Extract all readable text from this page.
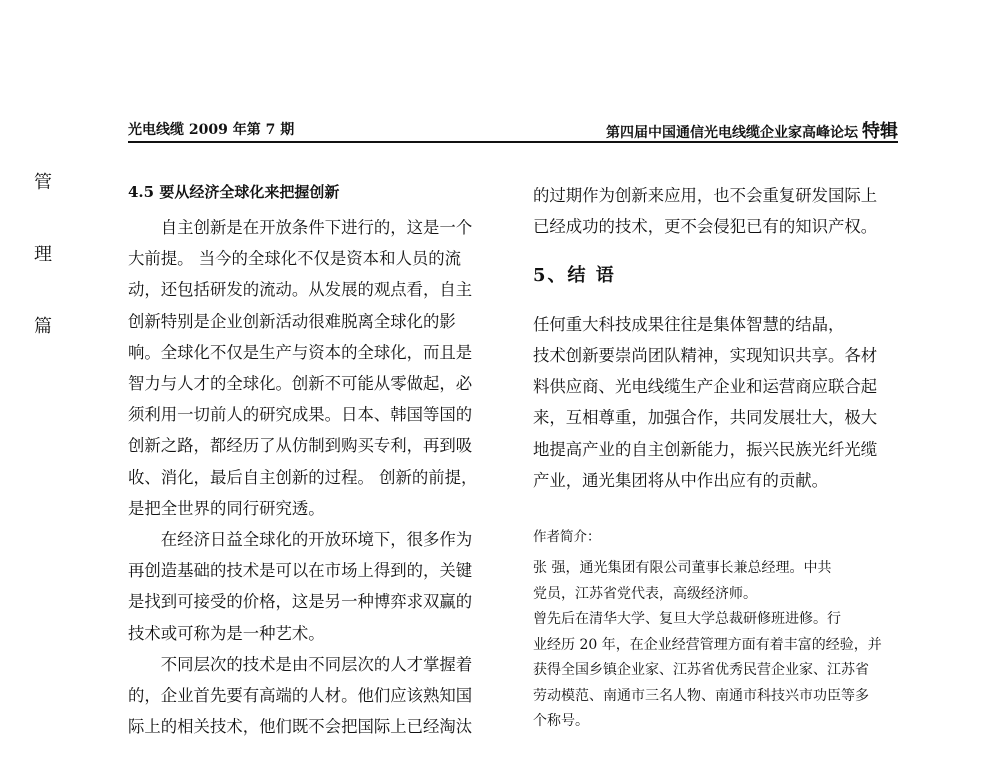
光电线缆 2009 年第 7 期	第四届中国通信光电线缆企业家高峰论坛 特辑
管
理
篇
4.5 要从经济全球化来把握创新

自主创新是在开放条件下进行的，这是一个
大前提。 当今的全球化不仅是资本和人员的流
动，还包括研发的流动。从发展的观点看，自主
创新特别是企业创新活动很难脱离全球化的影
响。全球化不仅是生产与资本的全球化，而且是
智力与人才的全球化。创新不可能从零做起，必
须利用一切前人的研究成果。日本、韩国等国的
创新之路，都经历了从仿制到购买专利，再到吸
收、消化，最后自主创新的过程。 创新的前提，
是把全世界的同行研究透。

在经济日益全球化的开放环境下，很多作为
再创造基础的技术是可以在市场上得到的，关键
是找到可接受的价格，这是另一种博弈求双赢的
技术或可称为是一种艺术。

不同层次的技术是由不同层次的人才掌握着
的，企业首先要有高端的人材。他们应该熟知国
际上的相关技术，他们既不会把国际上已经淘汰

的过期作为创新来应用，也不会重复研发国际上
已经成功的技术，更不会侵犯已有的知识产权。

5、结 语

任何重大科技成果往往是集体智慧的结晶，
技术创新要崇尚团队精神，实现知识共享。各材
料供应商、光电线缆生产企业和运营商应联合起
来，互相尊重，加强合作，共同发展壮大，极大
地提高产业的自主创新能力，振兴民族光纤光缆
产业，通光集团将从中作出应有的贡献。

作者简介：

张 强，通光集团有限公司董事长兼总经理。中共
党员，江苏省党代表，高级经济师。

曾先后在清华大学、复旦大学总裁研修班进修。行
业经历 20 年，在企业经营管理方面有着丰富的经验，并
获得全国乡镇企业家、江苏省优秀民营企业家、江苏省
劳动模范、南通市三名人物、南通市科技兴市功臣等多
个称号。
